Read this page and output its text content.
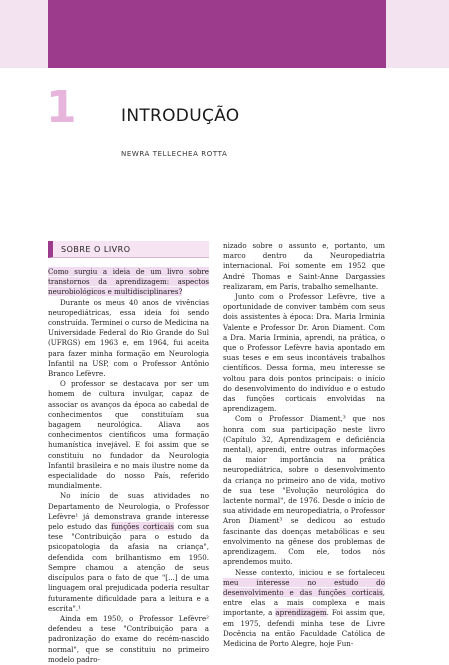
1	INTRODUÇÃO
NEWRA TELLECHEA ROTTA
SOBRE O LIVRO

Como surgiu a ideia de um livro sobre transtornos da aprendizagem: aspectos neurobiológicos e multidisciplinares?

Durante os meus 40 anos de vivências neuropediátricas, essa ideia foi sendo construída. Terminei o curso de Medicina na Universidade Federal do Rio Grande do Sul (UFRGS) em 1963 e, em 1964, fui aceita para fazer minha formação em Neurologia Infantil na USP, com o Professor Antônio Branco Lefèvre.

O professor se destacava por ser um homem de cultura invulgar, capaz de associar os avanços da época ao cabedal de conhecimentos que constituíam sua bagagem neurológica. Aliava aos conhecimentos científicos uma formação humanística invejável. E foi assim que se constituiu no fundador da Neurologia Infantil brasileira e no mais ilustre nome da especialidade do nosso País, referido mundialmente.

No início de suas atividades no Departamento de Neurologia, o Professor Lefèvre¹ já demonstrava grande interesse pelo estudo das funções corticais com sua tese "Contribuição para o estudo da psicopatologia da afasia na criança", defendida com brilhantismo em 1950. Sempre chamou a atenção de seus discípulos para o fato de que "[...] de uma linguagem oral prejudicada poderia resultar futuramente dificuldade para a leitura e a escrita".¹

Ainda em 1950, o Professor Lefèvre² defendeu a tese "Contribuição para a padronização do exame do recém-nascido normal", que se constituiu no primeiro modelo padro-

nizado sobre o assunto e, portanto, um marco dentro da Neuropediatria internacional. Foi somente em 1952 que André Thomas e Saint-Anne Dargassies realizaram, em Paris, trabalho semelhante.

Junto com o Professor Lefèvre, tive a oportunidade de conviver também com seus dois assistentes à época: Dra. Maria Irminia Valente e Professor Dr. Aron Diament. Com a Dra. Maria Irminia, aprendi, na prática, o que o Professor Lefèvre havia apontado em suas teses e em seus incontáveis trabalhos científicos. Dessa forma, meu interesse se voltou para dois pontos principais: o início do desenvolvimento do indivíduo e o estudo das funções corticais envolvidas na aprendizagem.

Com o Professor Diament,³ que nos honra com sua participação neste livro (Capítulo 32, Aprendizagem e deficiência mental), aprendi, entre outras informações da maior importância na prática neuropediátrica, sobre o desenvolvimento da criança no primeiro ano de vida, motivo de sua tese "Evolução neurológica do lactente normal", de 1976. Desde o início de sua atividade em neuropediatria, o Professor Aron Diament³ se dedicou ao estudo fascinante das doenças metabólicas e seu envolvimento na gênese dos problemas de aprendizagem. Com ele, todos nós aprendemos muito.

Nesse contexto, iniciou e se fortaleceu meu interesse no estudo do desenvolvimento e das funções corticais, entre elas a mais complexa e mais importante, a aprendizagem. Foi assim que, em 1975, defendi minha tese de Livre Docência na então Faculdade Católica de Medicina de Porto Alegre, hoje Fun-
